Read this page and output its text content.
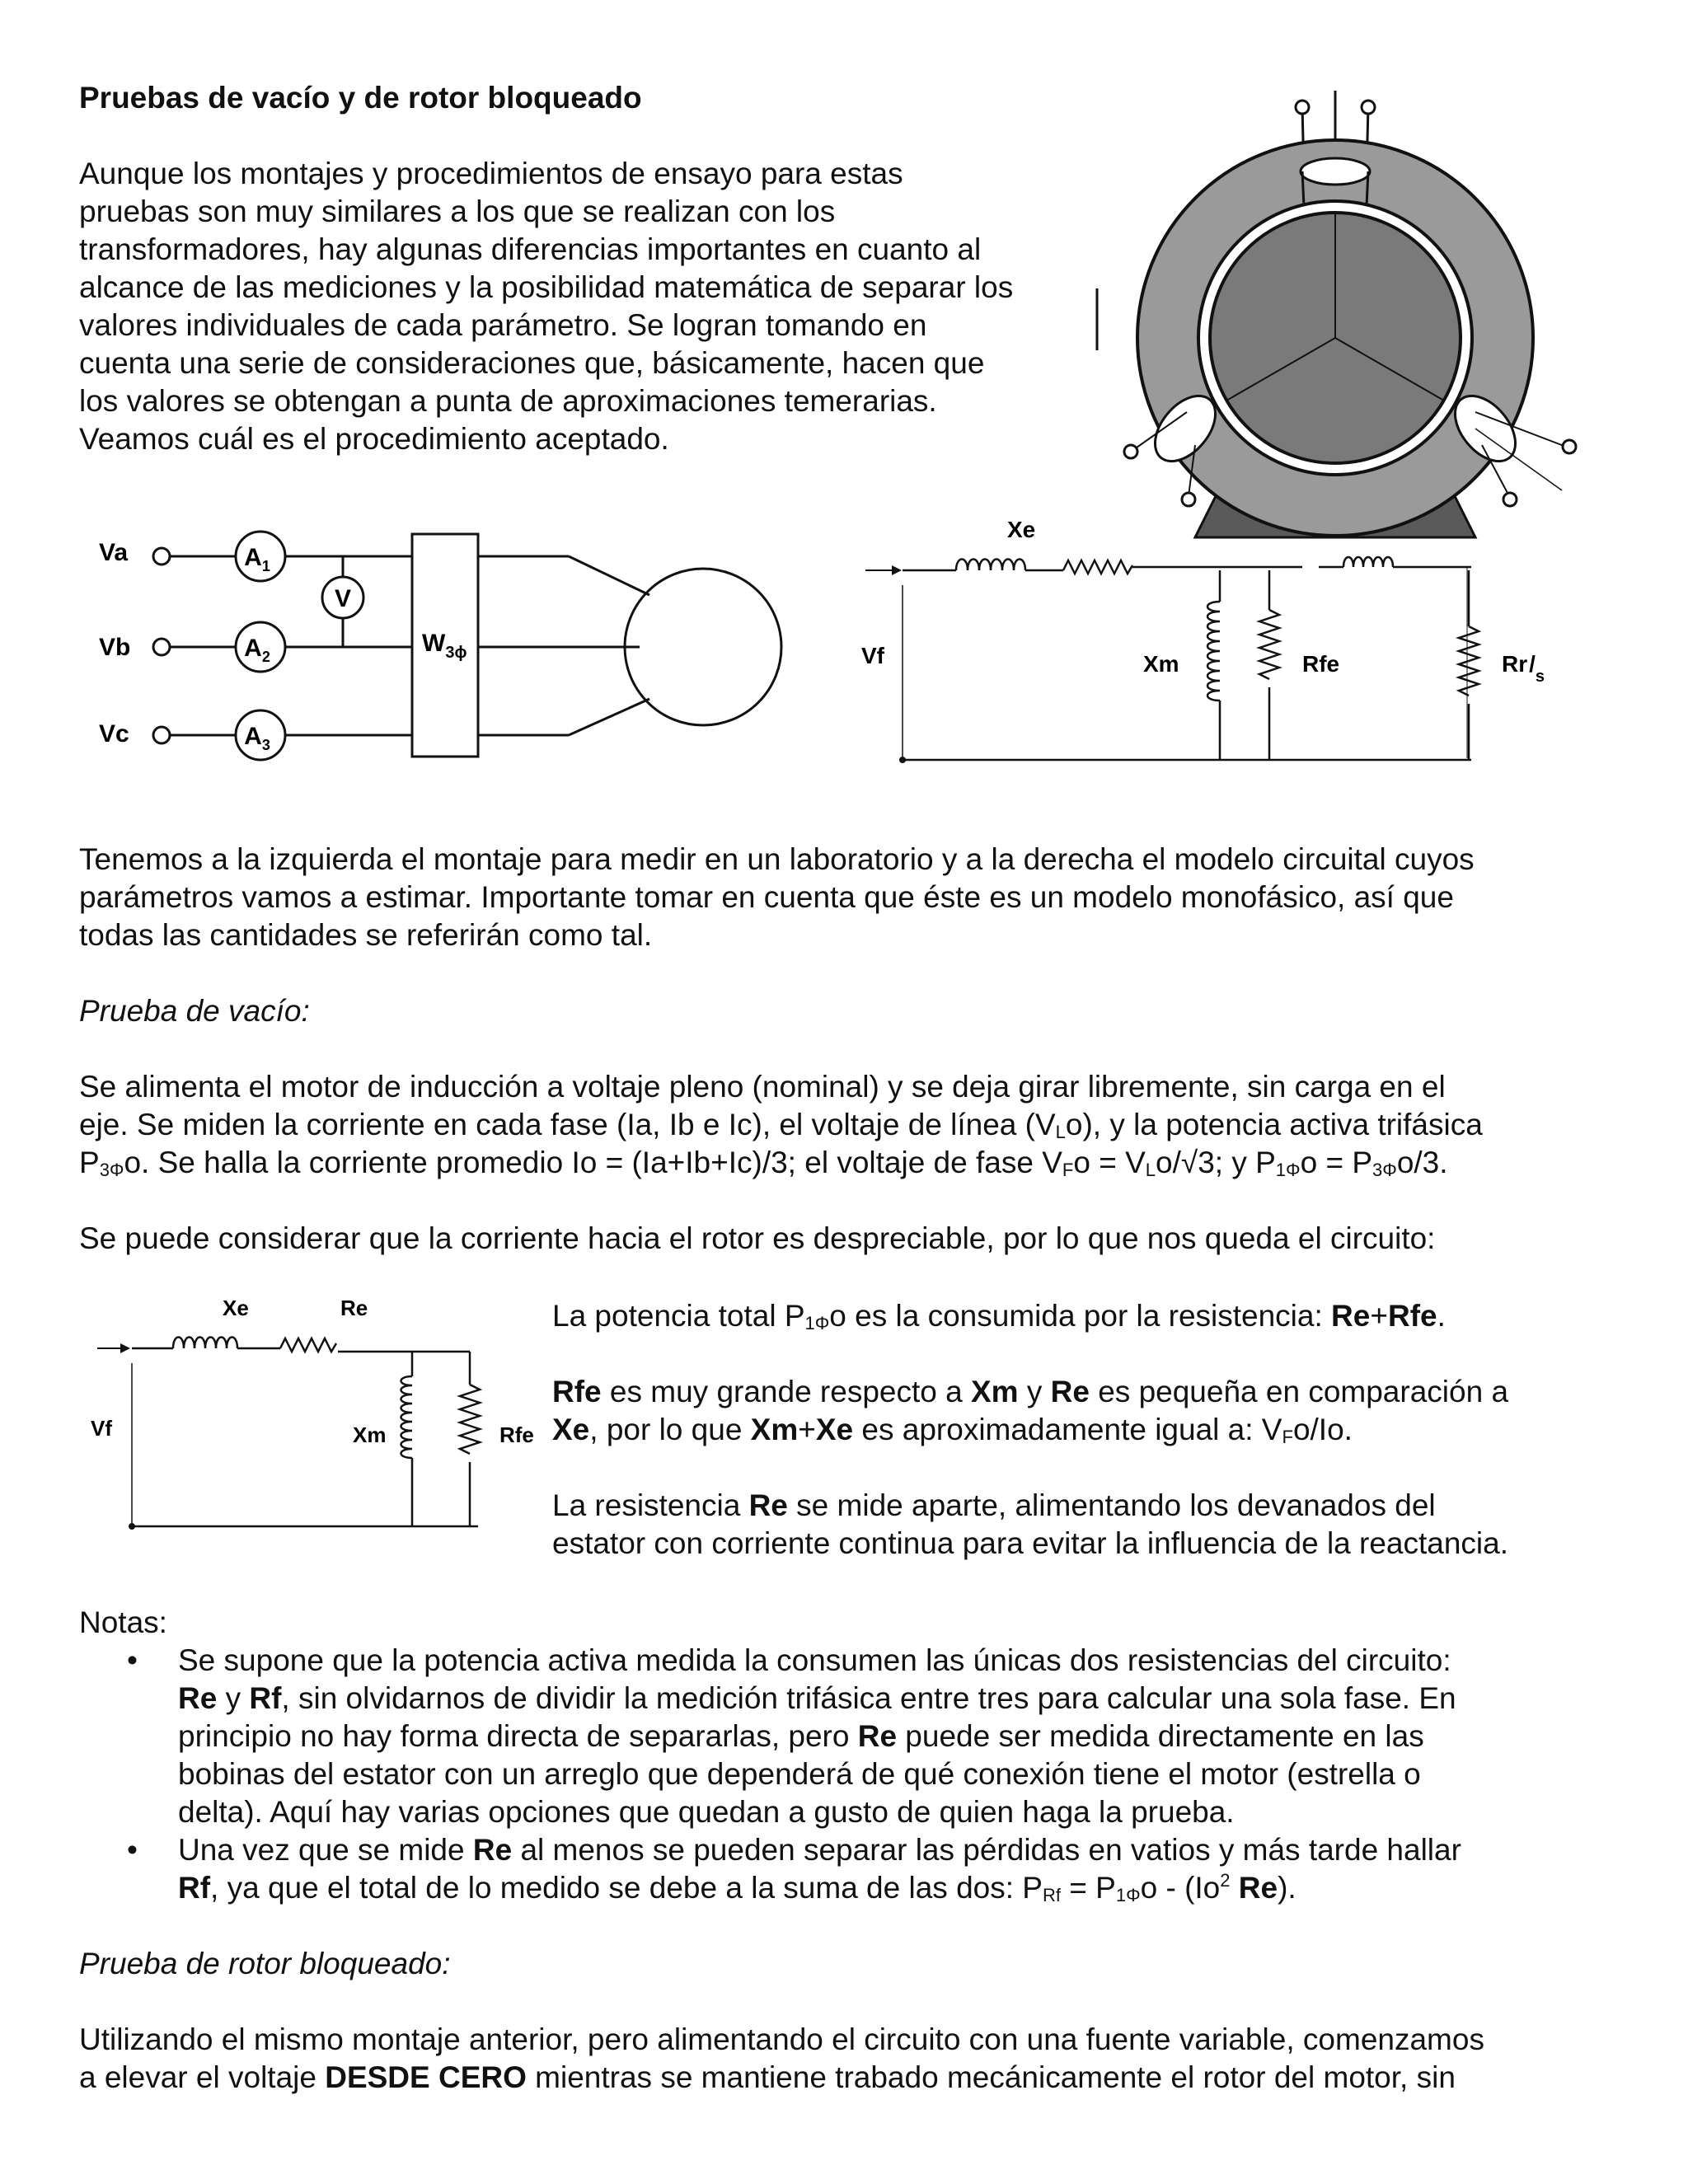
Pruebas de vacío y de rotor bloqueado

Aunque los montajes y procedimientos de ensayo para estas
pruebas son muy similares a los que se realizan con los
transformadores, hay algunas diferencias importantes en cuanto al
alcance de las mediciones y la posibilidad matemática de separar los
valores individuales de cada parámetro. Se logran tomando en
cuenta una serie de consideraciones que, básicamente, hacen que
los valores se obtengan a punta de aproximaciones temerarias.
Veamos cuál es el procedimiento aceptado.
Va
Vb
Vc
$A_1$
$A_2$
$A_3$
V
$W_{3\phi}$
Xe
Vf	Xm	Rfe	$Rr/_s$
Tenemos a la izquierda el montaje para medir en un laboratorio y a la derecha el modelo circuital cuyos
parámetros vamos a estimar. Importante tomar en cuenta que éste es un modelo monofásico, así que
todas las cantidades se referirán como tal.

Prueba de vacío:

Se alimenta el motor de inducción a voltaje pleno (nominal) y se deja girar libremente, sin carga en el
eje. Se miden la corriente en cada fase (Ia, Ib e Ic), el voltaje de línea $(V_Lo)$, y la potencia activa trifásica
$P_{3\Phi}o$. Se halla la corriente promedio Io = (Ia+Ib+Ic)/3; el voltaje de fase $V_Fo = V_Lo/√3$; y $P_{1\Phi}o = P_{3\Phi}o/3$.

Se puede considerar que la corriente hacia el rotor es despreciable, por lo que nos queda el circuito:

Xe	Re
Vf	Xm	Rfe
La potencia total $P_{1\Phi}o$ es la consumida por la resistencia: Re+Rfe.
Rfe es muy grande respecto a Xm y Re es pequeña en comparación a
Xe, por lo que Xm+Xe es aproximadamente igual a: $V_Fo/Io$.
La resistencia Re se mide aparte, alimentando los devanados del
estator con corriente continua para evitar la influencia de la reactancia.

Notas:

• Se supone que la potencia activa medida la consumen las únicas dos resistencias del circuito:
Re y Rf, sin olvidarnos de dividir la medición trifásica entre tres para calcular una sola fase. En
principio no hay forma directa de separarlas, pero Re puede ser medida directamente en las
bobinas del estator con un arreglo que dependerá de qué conexión tiene el motor (estrella o
delta). Aquí hay varias opciones que quedan a gusto de quien haga la prueba.
• Una vez que se mide Re al menos se pueden separar las pérdidas en vatios y más tarde hallar
Rf, ya que el total de lo medido se debe a la suma de las dos: $P_{Rf} = P_{1\Phi}o - (Io^2$ Re).

Prueba de rotor bloqueado:

Utilizando el mismo montaje anterior, pero alimentando el circuito con una fuente variable, comenzamos
a elevar el voltaje DESDE CERO mientras se mantiene trabado mecánicamente el rotor del motor, sin
